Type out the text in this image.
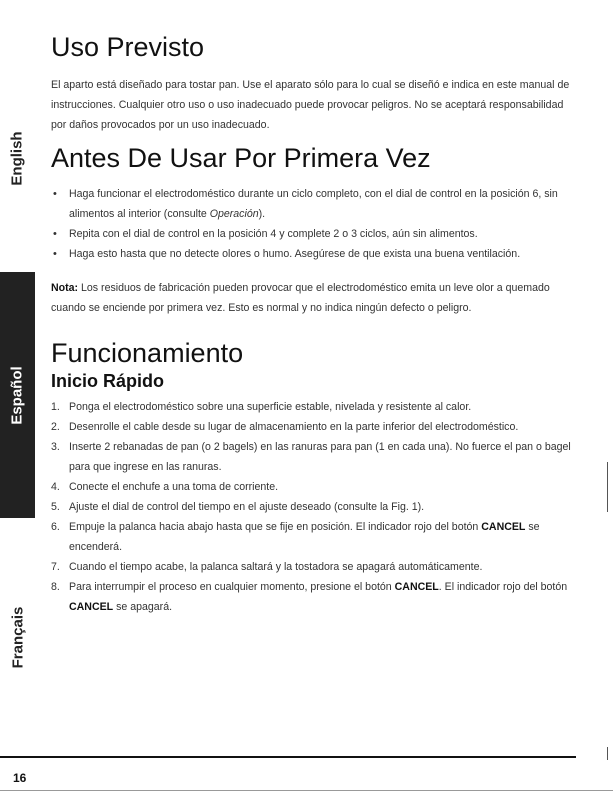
English
Español
Français
Uso Previsto

El aparto está diseñado para tostar pan. Use el aparato sólo para lo cual se diseñó e indica en este manual de instrucciones. Cualquier otro uso o uso inadecuado puede provocar peligros. No se aceptará responsabilidad por daños provocados por un uso inadecuado.

Antes De Usar Por Primera Vez
• Haga funcionar el electrodoméstico durante un ciclo completo, con el dial de control en la posición 6, sin alimentos al interior (consulte Operación).
• Repita con el dial de control en la posición 4 y complete 2 o 3 ciclos, aún sin alimentos.
• Haga esto hasta que no detecte olores o humo. Asegúrese de que exista una buena ventilación.

Nota: Los residuos de fabricación pueden provocar que el electrodoméstico emita un leve olor a quemado cuando se enciende por primera vez. Esto es normal y no indica ningún defecto o peligro.

Funcionamiento
Inicio Rápido
1. Ponga el electrodoméstico sobre una superficie estable, nivelada y resistente al calor.
2. Desenrolle el cable desde su lugar de almacenamiento en la parte inferior del electrodoméstico.
3. Inserte 2 rebanadas de pan (o 2 bagels) en las ranuras para pan (1 en cada una). No fuerce el pan o bagel para que ingrese en las ranuras.
4. Conecte el enchufe a una toma de corriente.
5. Ajuste el dial de control del tiempo en el ajuste deseado (consulte la Fig. 1).
6. Empuje la palanca hacia abajo hasta que se fije en posición. El indicador rojo del botón CANCEL se encenderá.
7. Cuando el tiempo acabe, la palanca saltará y la tostadora se apagará automáticamente.
8. Para interrumpir el proceso en cualquier momento, presione el botón CANCEL. El indicador rojo del botón CANCEL se apagará.
16
